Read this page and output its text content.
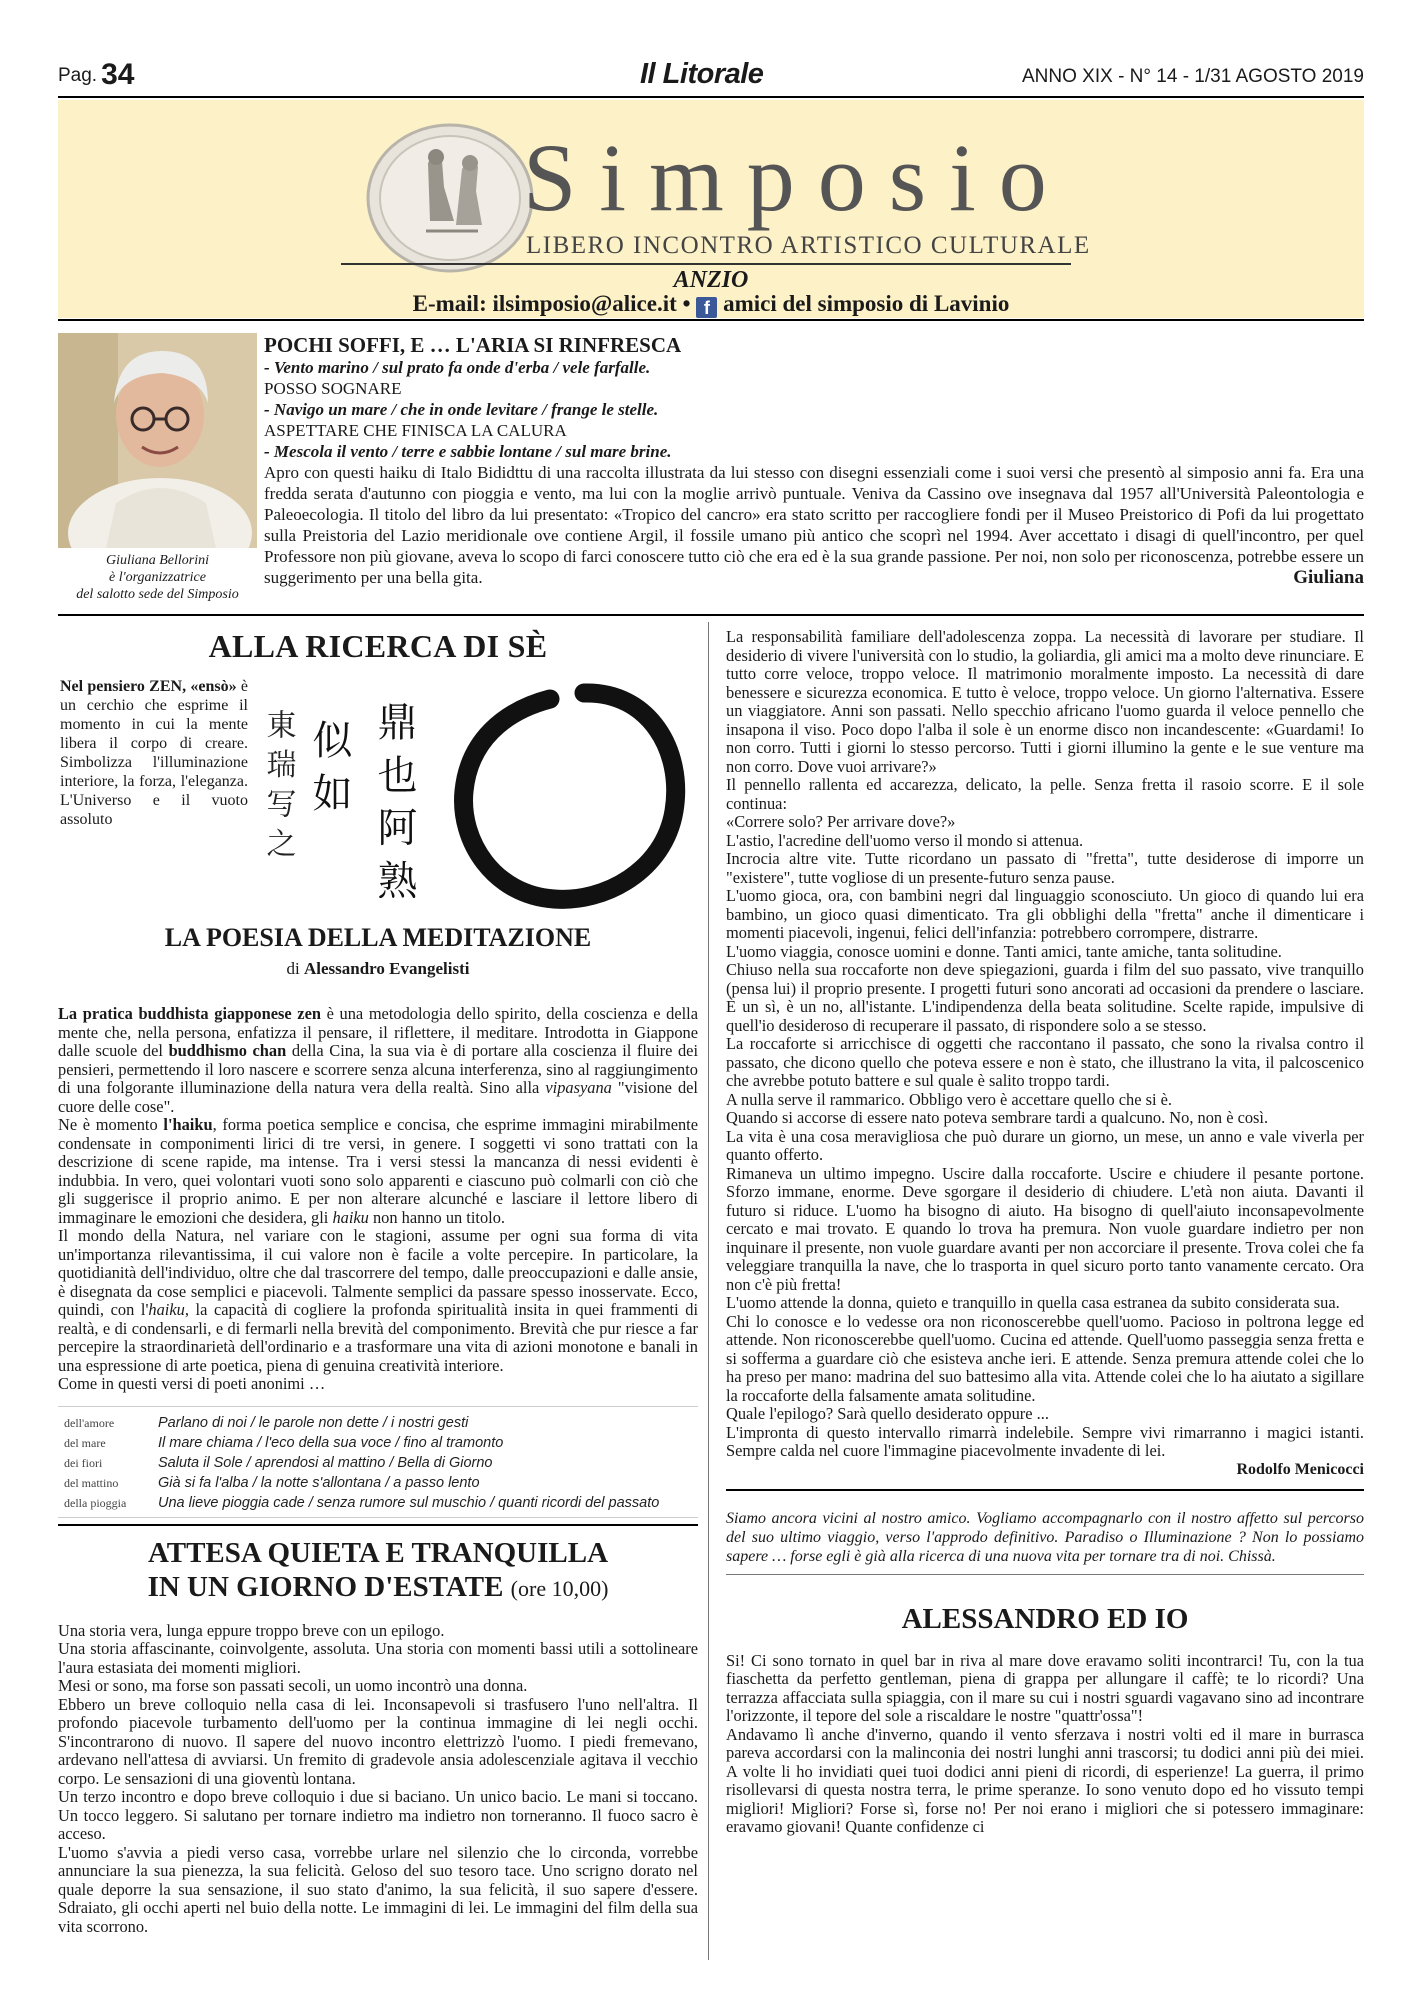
Pag. 34	Il Litorale	ANNO XIX - N° 14 - 1/31 AGOSTO 2019
Simposio
LIBERO INCONTRO ARTISTICO CULTURALE
ANZIO
E-mail: ilsimposio@alice.it • f amici del simposio di Lavinio
Giuliana Bellorini
è l'organizzatrice
del salotto sede del Simposio
POCHI SOFFI, E … L'ARIA SI RINFRESCA
- Vento marino / sul prato fa onde d'erba / vele farfalle.
POSSO SOGNARE
- Navigo un mare / che in onde levitare / frange le stelle.
ASPETTARE CHE FINISCA LA CALURA
- Mescola il vento / terre e sabbie lontane / sul mare brine.
Apro con questi haiku di Italo Bididttu di una raccolta illustrata da lui stesso con disegni essenziali come i suoi versi che presentò al simposio anni fa. Era una fredda serata d'autunno con pioggia e vento, ma lui con la moglie arrivò puntuale. Veniva da Cassino ove insegnava dal 1957 all'Università Paleontologia e Paleoecologia. Il titolo del libro da lui presentato: «Tropico del cancro» era stato scritto per raccogliere fondi per il Museo Preistorico di Pofi da lui progettato sulla Preistoria del Lazio meridionale ove contiene Argil, il fossile umano più antico che scoprì nel 1994. Aver accettato i disagi di quell'incontro, per quel Professore non più giovane, aveva lo scopo di farci conoscere tutto ciò che era ed è la sua grande passione. Per noi, non solo per riconoscenza, potrebbe essere un suggerimento per una bella gita.	Giuliana
ALLA RICERCA DI SÈ
Nel pensiero ZEN, «ensò» è un cerchio che esprime il momento in cui la mente libera il corpo di creare. Simbolizza l'illuminazione interiore, la forza, l'eleganza. L'Universo e il vuoto assoluto	東 瑞 写 之 似 如 鼎 也 阿 熟
LA POESIA DELLA MEDITAZIONE
di Alessandro Evangelisti

La pratica buddhista giapponese zen è una metodologia dello spirito, della coscienza e della mente che, nella persona, enfatizza il pensare, il riflettere, il meditare. Introdotta in Giappone dalle scuole del buddhismo chan della Cina, la sua via è di portare alla coscienza il fluire dei pensieri, permettendo il loro nascere e scorrere senza alcuna interferenza, sino al raggiungimento di una folgorante illuminazione della natura vera della realtà. Sino alla vipasyana "visione del cuore delle cose".

Ne è momento l'haiku, forma poetica semplice e concisa, che esprime immagini mirabilmente condensate in componimenti lirici di tre versi, in genere. I soggetti vi sono trattati con la descrizione di scene rapide, ma intense. Tra i versi stessi la mancanza di nessi evidenti è indubbia. In vero, quei volontari vuoti sono solo apparenti e ciascuno può colmarli con ciò che gli suggerisce il proprio animo. E per non alterare alcunché e lasciare il lettore libero di immaginare le emozioni che desidera, gli haiku non hanno un titolo.

Il mondo della Natura, nel variare con le stagioni, assume per ogni sua forma di vita un'importanza rilevantissima, il cui valore non è facile a volte percepire. In particolare, la quotidianità dell'individuo, oltre che dal trascorrere del tempo, dalle preoccupazioni e dalle ansie, è disegnata da cose semplici e piacevoli. Talmente semplici da passare spesso inosservate. Ecco, quindi, con l'haiku, la capacità di cogliere la profonda spiritualità insita in quei frammenti di realtà, e di condensarli, e di fermarli nella brevità del componimento. Brevità che pur riesce a far percepire la straordinarietà dell'ordinario e a trasformare una vita di azioni monotone e banali in una espressione di arte poetica, piena di genuina creatività interiore.

Come in questi versi di poeti anonimi …

dell'amore	Parlano di noi / le parole non dette / i nostri gesti
del mare	Il mare chiama / l'eco della sua voce / fino al tramonto
dei fiori	Saluta il Sole / aprendosi al mattino / Bella di Giorno
del mattino	Già si fa l'alba / la notte s'allontana / a passo lento
della pioggia	Una lieve pioggia cade / senza rumore sul muschio / quanti ricordi del passato
ATTESA QUIETA E TRANQUILLA
IN UN GIORNO D'ESTATE (ore 10,00)

Una storia vera, lunga eppure troppo breve con un epilogo.

Una storia affascinante, coinvolgente, assoluta. Una storia con momenti bassi utili a sottolineare l'aura estasiata dei momenti migliori.

Mesi or sono, ma forse son passati secoli, un uomo incontrò una donna.

Ebbero un breve colloquio nella casa di lei. Inconsapevoli si trasfusero l'uno nell'altra. Il profondo piacevole turbamento dell'uomo per la continua immagine di lei negli occhi. S'incontrarono di nuovo. Il sapere del nuovo incontro elettrizzò l'uomo. I piedi fremevano, ardevano nell'attesa di avviarsi. Un fremito di gradevole ansia adolescenziale agitava il vecchio corpo. Le sensazioni di una gioventù lontana.

Un terzo incontro e dopo breve colloquio i due si baciano. Un unico bacio. Le mani si toccano. Un tocco leggero. Si salutano per tornare indietro ma indietro non torneranno. Il fuoco sacro è acceso.

L'uomo s'avvia a piedi verso casa, vorrebbe urlare nel silenzio che lo circonda, vorrebbe annunciare la sua pienezza, la sua felicità. Geloso del suo tesoro tace. Uno scrigno dorato nel quale deporre la sua sensazione, il suo stato d'animo, la sua felicità, il suo sapere d'essere. Sdraiato, gli occhi aperti nel buio della notte. Le immagini di lei. Le immagini del film della sua vita scorrono.

La responsabilità familiare dell'adolescenza zoppa. La necessità di lavorare per studiare. Il desiderio di vivere l'università con lo studio, la goliardia, gli amici ma a molto deve rinunciare. E tutto corre veloce, troppo veloce. Il matrimonio moralmente imposto. La necessità di dare benessere e sicurezza economica. E tutto è veloce, troppo veloce. Un giorno l'alternativa. Essere un viaggiatore. Anni son passati. Nello specchio africano l'uomo guarda il veloce pennello che insapona il viso. Poco dopo l'alba il sole è un enorme disco non incandescente: «Guardami! Io non corro. Tutti i giorni lo stesso percorso. Tutti i giorni illumino la gente e le sue venture ma non corro. Dove vuoi arrivare?»

Il pennello rallenta ed accarezza, delicato, la pelle. Senza fretta il rasoio scorre. E il sole continua:

«Correre solo? Per arrivare dove?»

L'astio, l'acredine dell'uomo verso il mondo si attenua.

Incrocia altre vite. Tutte ricordano un passato di "fretta", tutte desiderose di imporre un "existere", tutte vogliose di un presente-futuro senza pause.

L'uomo gioca, ora, con bambini negri dal linguaggio sconosciuto. Un gioco di quando lui era bambino, un gioco quasi dimenticato. Tra gli obblighi della "fretta" anche il dimenticare i momenti piacevoli, ingenui, felici dell'infanzia: potrebbero corrompere, distrarre.

L'uomo viaggia, conosce uomini e donne. Tanti amici, tante amiche, tanta solitudine.

Chiuso nella sua roccaforte non deve spiegazioni, guarda i film del suo passato, vive tranquillo (pensa lui) il proprio presente. I progetti futuri sono ancorati ad occasioni da prendere o lasciare. È un sì, è un no, all'istante. L'indipendenza della beata solitudine. Scelte rapide, impulsive di quell'io desideroso di recuperare il passato, di rispondere solo a se stesso.

La roccaforte si arricchisce di oggetti che raccontano il passato, che sono la rivalsa contro il passato, che dicono quello che poteva essere e non è stato, che illustrano la vita, il palcoscenico che avrebbe potuto battere e sul quale è salito troppo tardi.

A nulla serve il rammarico. Obbligo vero è accettare quello che si è.

Quando si accorse di essere nato poteva sembrare tardi a qualcuno. No, non è così.

La vita è una cosa meravigliosa che può durare un giorno, un mese, un anno e vale viverla per quanto offerto.

Rimaneva un ultimo impegno. Uscire dalla roccaforte. Uscire e chiudere il pesante portone. Sforzo immane, enorme. Deve sgorgare il desiderio di chiudere. L'età non aiuta. Davanti il futuro si riduce. L'uomo ha bisogno di aiuto. Ha bisogno di quell'aiuto inconsapevolmente cercato e mai trovato. E quando lo trova ha premura. Non vuole guardare indietro per non inquinare il presente, non vuole guardare avanti per non accorciare il presente. Trova colei che fa veleggiare tranquilla la nave, che lo trasporta in quel sicuro porto tanto vanamente cercato. Ora non c'è più fretta!

L'uomo attende la donna, quieto e tranquillo in quella casa estranea da subito considerata sua.

Chi lo conosce e lo vedesse ora non riconoscerebbe quell'uomo. Pacioso in poltrona legge ed attende. Non riconoscerebbe quell'uomo. Cucina ed attende. Quell'uomo passeggia senza fretta e si sofferma a guardare ciò che esisteva anche ieri. E attende. Senza premura attende colei che lo ha preso per mano: madrina del suo battesimo alla vita. Attende colei che lo ha aiutato a sigillare la roccaforte della falsamente amata solitudine.

Quale l'epilogo? Sarà quello desiderato oppure ...

L'impronta di questo intervallo rimarrà indelebile. Sempre vivi rimarranno i magici istanti. Sempre calda nel cuore l'immagine piacevolmente invadente di lei.

Rodolfo Menicocci
Siamo ancora vicini al nostro amico. Vogliamo accompagnarlo con il nostro affetto sul percorso del suo ultimo viaggio, verso l'approdo definitivo. Paradiso o Illuminazione ? Non lo possiamo sapere … forse egli è già alla ricerca di una nuova vita per tornare tra di noi. Chissà.
ALESSANDRO ED IO

Si! Ci sono tornato in quel bar in riva al mare dove eravamo soliti incontrarci! Tu, con la tua fiaschetta da perfetto gentleman, piena di grappa per allungare il caffè; te lo ricordi? Una terrazza affacciata sulla spiaggia, con il mare su cui i nostri sguardi vagavano sino ad incontrare l'orizzonte, il tepore del sole a riscaldare le nostre "quattr'ossa"!

Andavamo lì anche d'inverno, quando il vento sferzava i nostri volti ed il mare in burrasca pareva accordarsi con la malinconia dei nostri lunghi anni trascorsi; tu dodici anni più dei miei. A volte li ho invidiati quei tuoi dodici anni pieni di ricordi, di esperienze! La guerra, il primo risollevarsi di questa nostra terra, le prime speranze. Io sono venuto dopo ed ho vissuto tempi migliori! Migliori? Forse sì, forse no! Per noi erano i migliori che si potessero immaginare: eravamo giovani! Quante confidenze ci
